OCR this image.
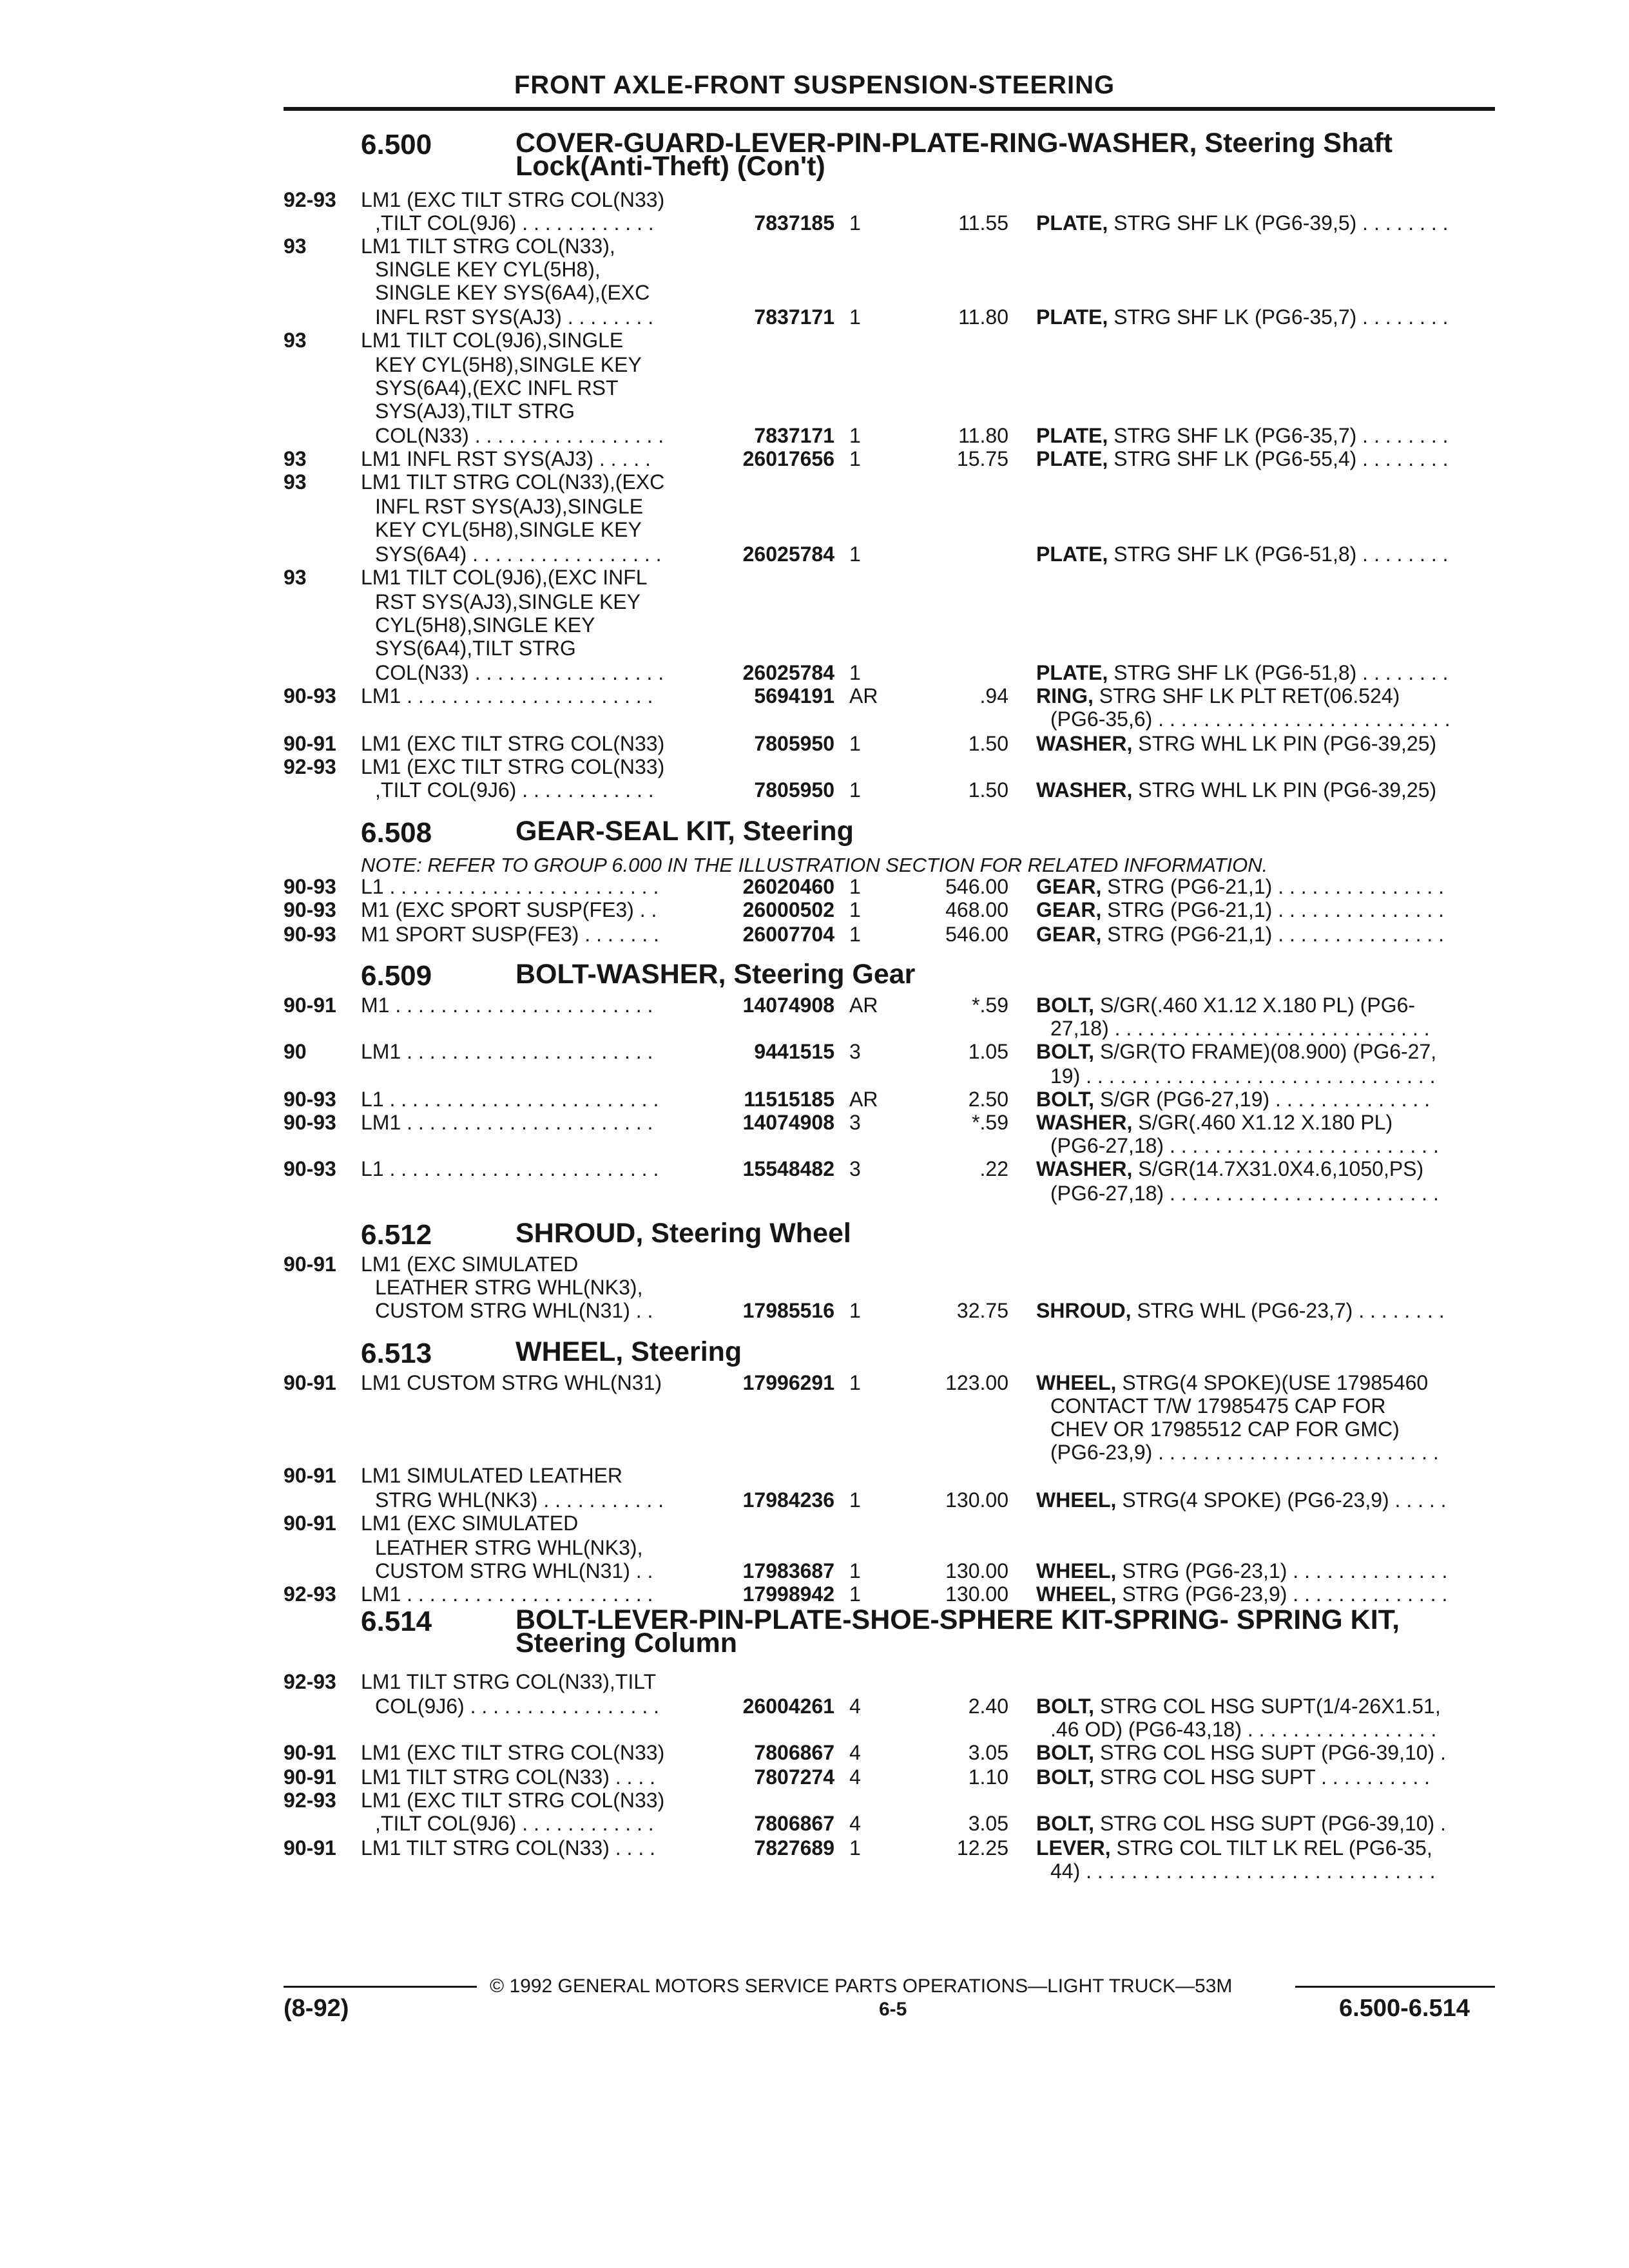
FRONT AXLE-FRONT SUSPENSION-STEERING
6.500	COVER-GUARD-LEVER-PIN-PLATE-RING-WASHER, Steering Shaft
Lock(Anti-Theft) (Con't)
6.508	GEAR-SEAL KIT, Steering
6.509	BOLT-WASHER, Steering Gear
6.512	SHROUD, Steering Wheel
6.513	WHEEL, Steering
6.514	BOLT-LEVER-PIN-PLATE-SHOE-SPHERE KIT-SPRING- SPRING KIT,
Steering Column
NOTE: REFER TO GROUP 6.000 IN THE ILLUSTRATION SECTION FOR RELATED INFORMATION.
92-93 LM1 (EXC TILT STRG COL(N33)
,TILT COL(9J6) . . . . . . . . . . . .	7837185 1	11.55 PLATE, STRG SHF LK (PG6-39,5) . . . . . . . .
93	LM1 TILT STRG COL(N33),
SINGLE KEY CYL(5H8),
SINGLE KEY SYS(6A4),(EXC
INFL RST SYS(AJ3) . . . . . . . .	7837171 1	11.80 PLATE, STRG SHF LK (PG6-35,7) . . . . . . . .
93	LM1 TILT COL(9J6),SINGLE
KEY CYL(5H8),SINGLE KEY
SYS(6A4),(EXC INFL RST
SYS(AJ3),TILT STRG
COL(N33) . . . . . . . . . . . . . . . . .	7837171 1	11.80 PLATE, STRG SHF LK (PG6-35,7) . . . . . . . .
93	LM1 INFL RST SYS(AJ3) . . . . .	26017656 1	15.75 PLATE, STRG SHF LK (PG6-55,4) . . . . . . . .
93	LM1 TILT STRG COL(N33),(EXC
INFL RST SYS(AJ3),SINGLE
KEY CYL(5H8),SINGLE KEY
SYS(6A4) . . . . . . . . . . . . . . . . .	26025784 1	PLATE, STRG SHF LK (PG6-51,8) . . . . . . . .
93	LM1 TILT COL(9J6),(EXC INFL
RST SYS(AJ3),SINGLE KEY
CYL(5H8),SINGLE KEY
SYS(6A4),TILT STRG
COL(N33) . . . . . . . . . . . . . . . . .	26025784 1	PLATE, STRG SHF LK (PG6-51,8) . . . . . . . .
90-93 LM1 . . . . . . . . . . . . . . . . . . . . . .	5694191 AR	.94 RING, STRG SHF LK PLT RET(06.524)
(PG6-35,6) . . . . . . . . . . . . . . . . . . . . . . . . . .
90-91 LM1 (EXC TILT STRG COL(N33)	7805950 1	1.50 WASHER, STRG WHL LK PIN (PG6-39,25)
92-93 LM1 (EXC TILT STRG COL(N33)
,TILT COL(9J6) . . . . . . . . . . . .	7805950 1	1.50 WASHER, STRG WHL LK PIN (PG6-39,25)
90-93 L1 . . . . . . . . . . . . . . . . . . . . . . . .	26020460 1	546.00 GEAR, STRG (PG6-21,1) . . . . . . . . . . . . . . .
90-93 M1 (EXC SPORT SUSP(FE3) . .	26000502 1	468.00 GEAR, STRG (PG6-21,1) . . . . . . . . . . . . . . .
90-93 M1 SPORT SUSP(FE3) . . . . . . .	26007704 1	546.00 GEAR, STRG (PG6-21,1) . . . . . . . . . . . . . . .
90-91 M1 . . . . . . . . . . . . . . . . . . . . . . .	14074908 AR	*.59 BOLT, S/GR(.460 X1.12 X.180 PL) (PG6-
27,18) . . . . . . . . . . . . . . . . . . . . . . . . . . . .
90	LM1 . . . . . . . . . . . . . . . . . . . . . .	9441515 3	1.05 BOLT, S/GR(TO FRAME)(08.900) (PG6-27,
19) . . . . . . . . . . . . . . . . . . . . . . . . . . . . . . .
90-93 L1 . . . . . . . . . . . . . . . . . . . . . . . .	11515185 AR	2.50 BOLT, S/GR (PG6-27,19) . . . . . . . . . . . . . .
90-93 LM1 . . . . . . . . . . . . . . . . . . . . . .	14074908 3	*.59 WASHER, S/GR(.460 X1.12 X.180 PL)
(PG6-27,18) . . . . . . . . . . . . . . . . . . . . . . . .
90-93 L1 . . . . . . . . . . . . . . . . . . . . . . . .	15548482 3	.22 WASHER, S/GR(14.7X31.0X4.6,1050,PS)
(PG6-27,18) . . . . . . . . . . . . . . . . . . . . . . . .
90-91 LM1 (EXC SIMULATED
LEATHER STRG WHL(NK3),
CUSTOM STRG WHL(N31) . .	17985516 1	32.75 SHROUD, STRG WHL (PG6-23,7) . . . . . . . .
90-91 LM1 CUSTOM STRG WHL(N31)	17996291 1	123.00 WHEEL, STRG(4 SPOKE)(USE 17985460
CONTACT T/W 17985475 CAP FOR
CHEV OR 17985512 CAP FOR GMC)
(PG6-23,9) . . . . . . . . . . . . . . . . . . . . . . . . .
90-91 LM1 SIMULATED LEATHER
STRG WHL(NK3) . . . . . . . . . . .	17984236 1	130.00 WHEEL, STRG(4 SPOKE) (PG6-23,9) . . . . .
90-91 LM1 (EXC SIMULATED
LEATHER STRG WHL(NK3),
CUSTOM STRG WHL(N31) . .	17983687 1	130.00 WHEEL, STRG (PG6-23,1) . . . . . . . . . . . . . .
92-93 LM1 . . . . . . . . . . . . . . . . . . . . . .	17998942 1	130.00 WHEEL, STRG (PG6-23,9) . . . . . . . . . . . . . .
92-93 LM1 TILT STRG COL(N33),TILT
COL(9J6) . . . . . . . . . . . . . . . . .	26004261 4	2.40 BOLT, STRG COL HSG SUPT(1/4-26X1.51,
.46 OD) (PG6-43,18) . . . . . . . . . . . . . . . . .
90-91 LM1 (EXC TILT STRG COL(N33)	7806867 4	3.05 BOLT, STRG COL HSG SUPT (PG6-39,10) .
90-91 LM1 TILT STRG COL(N33) . . . .	7807274 4	1.10 BOLT, STRG COL HSG SUPT . . . . . . . . . .
92-93 LM1 (EXC TILT STRG COL(N33)
,TILT COL(9J6) . . . . . . . . . . . .	7806867 4	3.05 BOLT, STRG COL HSG SUPT (PG6-39,10) .
90-91 LM1 TILT STRG COL(N33) . . . .	7827689 1	12.25 LEVER, STRG COL TILT LK REL (PG6-35,
44) . . . . . . . . . . . . . . . . . . . . . . . . . . . . . . .
© 1992 GENERAL MOTORS SERVICE PARTS OPERATIONS—LIGHT TRUCK—53M
(8-92)	6-5	6.500-6.514
